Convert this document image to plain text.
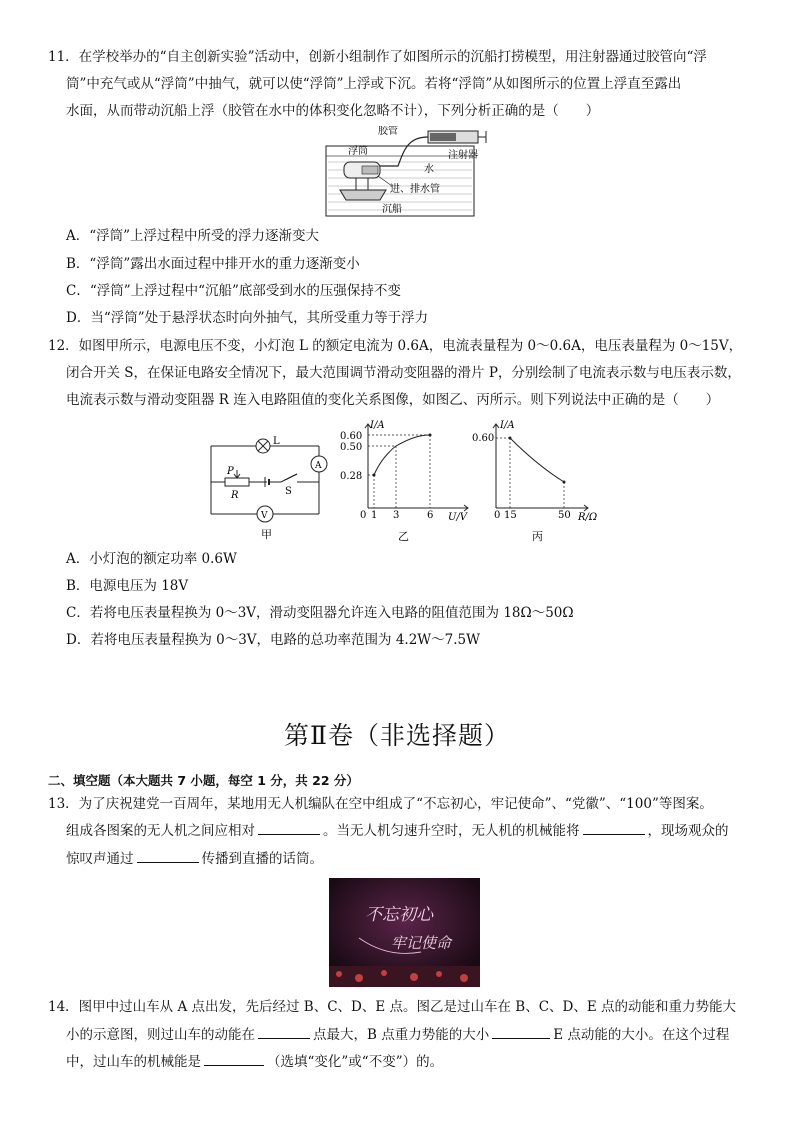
11．在学校举办的“自主创新实验”活动中，创新小组制作了如图所示的沉船打捞模型，用注射器通过胶管向“浮
筒”中充气或从“浮筒”中抽气，就可以使“浮筒”上浮或下沉。若将“浮筒”从如图所示的位置上浮直至露出
水面，从而带动沉船上浮（胶管在水中的体积变化忽略不计），下列分析正确的是（　　）
胶管
注射器
浮筒
水
进、排水管
沉船
A．“浮筒”上浮过程中所受的浮力逐渐变大
B．“浮筒”露出水面过程中排开水的重力逐渐变小
C．“浮筒”上浮过程中“沉船”底部受到水的压强保持不变
D．当“浮筒”处于悬浮状态时向外抽气，其所受重力等于浮力
12．如图甲所示，电源电压不变，小灯泡 L 的额定电流为 0.6A，电流表量程为 0～0.6A，电压表量程为 0～15V，
闭合开关 S，在保证电路安全情况下，最大范围调节滑动变阻器的滑片 P，分别绘制了电流表示数与电压表示数，
电流表示数与滑动变阻器 R 连入电路阻值的变化关系图像，如图乙、丙所示。则下列说法中正确的是（　　）
L
A
V
P
R	S
甲
I/A
U/V
0.60
0.50
0.28
0 1 3	6
乙
I/A
R/Ω
0.60
0 15	50
丙
A．小灯泡的额定功率 0.6W
B．电源电压为 18V
C．若将电压表量程换为 0～3V，滑动变阻器允许连入电路的阻值范围为 18Ω～50Ω
D．若将电压表量程换为 0～3V，电路的总功率范围为 4.2W～7.5W
第Ⅱ卷（非选择题）
二、填空题（本大题共 7 小题，每空 1 分，共 22 分）
13．为了庆祝建党一百周年，某地用无人机编队在空中组成了“不忘初心，牢记使命”、“党徽”、“100”等图案。
组成各图案的无人机之间应相对	。当无人机匀速升空时，无人机的机械能将	，现场观众的
惊叹声通过	传播到直播的话筒。
不忘初心
牢记使命
14．图甲中过山车从 A 点出发，先后经过 B、C、D、E 点。图乙是过山车在 B、C、D、E 点的动能和重力势能大
小的示意图，则过山车的动能在	点最大，B 点重力势能的大小	E 点动能的大小。在这个过程
中，过山车的机械能是	（选填“变化”或“不变”）的。
